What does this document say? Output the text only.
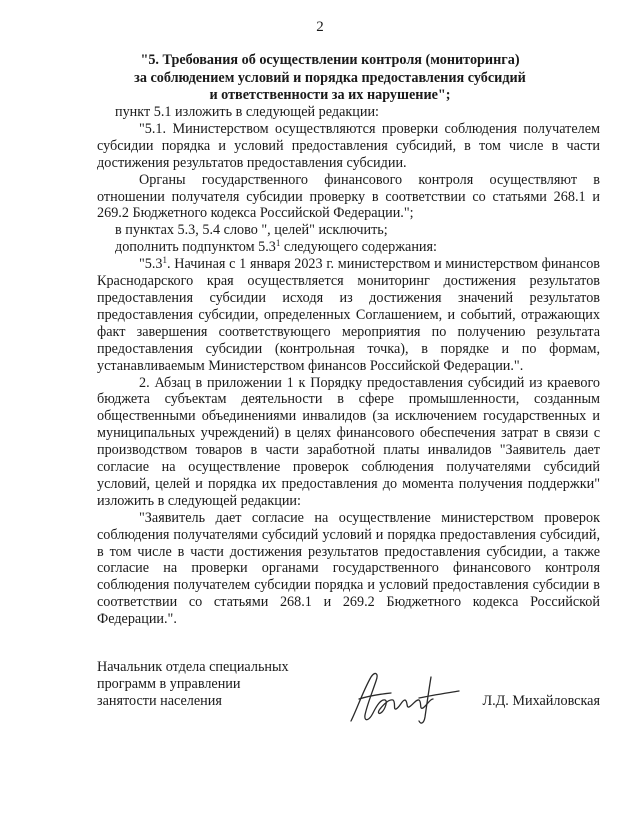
2
"5. Требования об осуществлении контроля (мониторинга)
за соблюдением условий и порядка предоставления субсидий
и ответственности за их нарушение";

пункт 5.1 изложить в следующей редакции:

"5.1. Министерством осуществляются проверки соблюдения получателем субсидии порядка и условий предоставления субсидий, в том числе в части достижения результатов предоставления субсидии.

Органы государственного финансового контроля осуществляют в отношении получателя субсидии проверку в соответствии со статьями 268.1 и 269.2 Бюджетного кодекса Российской Федерации.";

в пунктах 5.3, 5.4 слово ", целей" исключить;

дополнить подпунктом $5.3^1$ следующего содержания:

"$5.3^1$. Начиная с 1 января 2023 г. министерством и министерством финансов Краснодарского края осуществляется мониторинг достижения результатов предоставления субсидии исходя из достижения значений результатов предоставления субсидии, определенных Соглашением, и событий, отражающих факт завершения соответствующего мероприятия по получению результата предоставления субсидии (контрольная точка), в порядке и по формам, устанавливаемым Министерством финансов Российской Федерации.".

2. Абзац в приложении 1 к Порядку предоставления субсидий из краевого бюджета субъектам деятельности в сфере промышленности, созданным общественными объединениями инвалидов (за исключением государственных и муниципальных учреждений) в целях финансового обеспечения затрат в связи с производством товаров в части заработной платы инвалидов "Заявитель дает согласие на осуществление проверок соблюдения получателями субсидий условий, целей и порядка их предоставления до момента получения поддержки" изложить в следующей редакции:

"Заявитель дает согласие на осуществление министерством проверок соблюдения получателями субсидий условий и порядка предоставления субсидий, в том числе в части достижения результатов предоставления субсидии, а также согласие на проверки органами государственного финансового контроля соблюдения получателем субсидии порядка и условий предоставления субсидии в соответствии со статьями 268.1 и 269.2 Бюджетного кодекса Российской Федерации.".

Начальник отдела специальных
программ в управлении
занятости населения	Л.Д. Михайловская
